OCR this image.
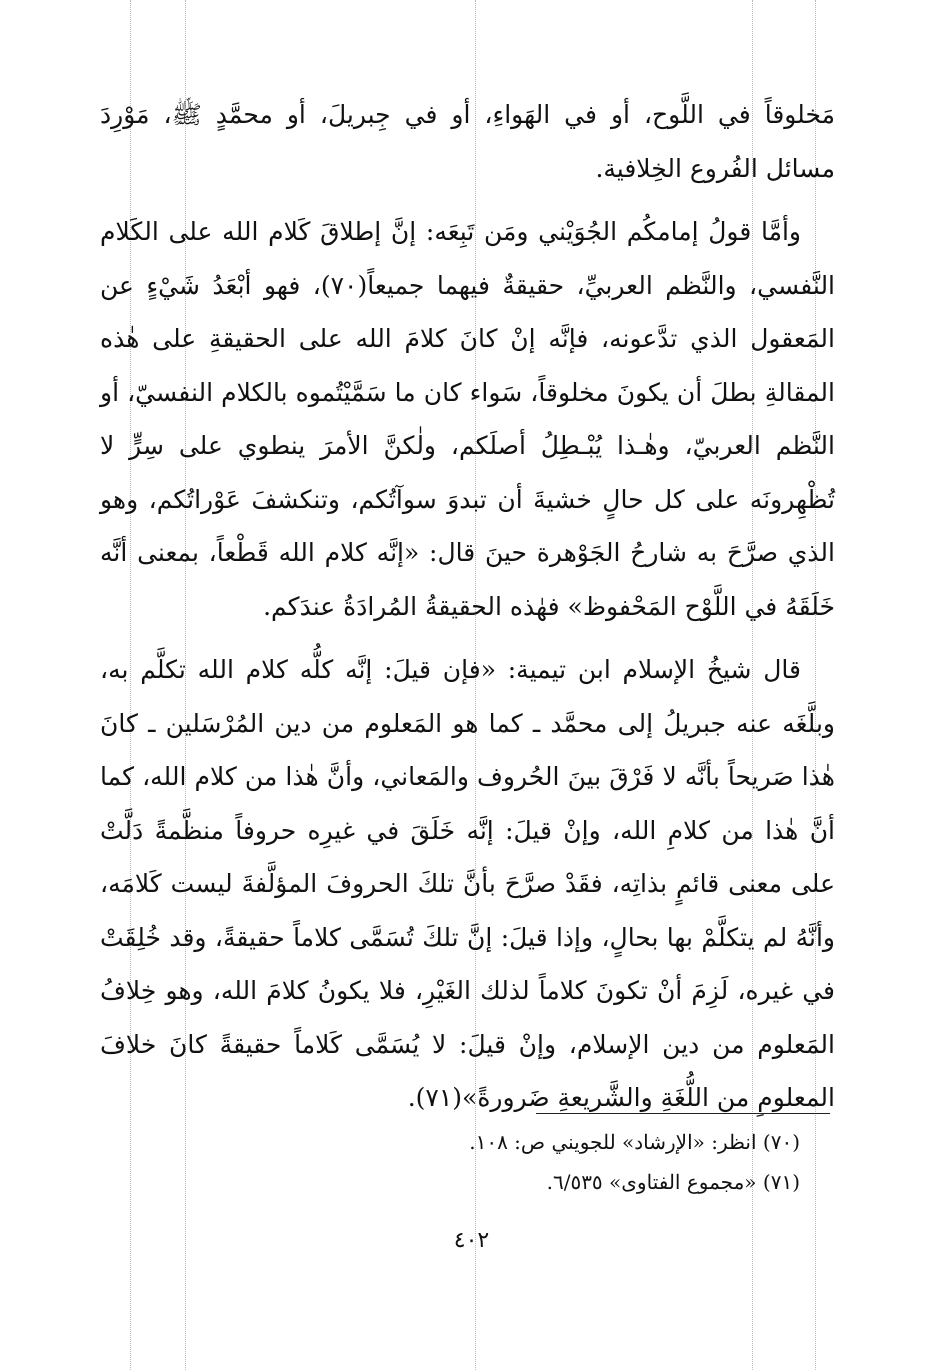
مَخلوقاً في اللَّوح، أو في الهَواءِ، أو في جِبريلَ، أو محمَّدٍ ﷺ، مَوْرِدَ مسائل الفُروع الخِلافية.

وأمَّا قولُ إمامكُم الجُوَيْني ومَن تَبِعَه: إنَّ إطلاقَ كَلام الله على الكَلام النَّفسي، والنَّظم العربيِّ، حقيقةٌ فيهما جميعاً(٧٠)، فهو أبْعَدُ شَيْءٍ عن المَعقول الذي تدَّعونه، فإنَّه إنْ كانَ كلامَ الله على الحقيقةِ على هٰذه المقالةِ بطلَ أن يكونَ مخلوقاً، سَواء كان ما سَمَّيْتُموه بالكلام النفسيّ، أو النَّظم العربيّ، وهٰـذا يُبْـطِلُ أصلَكم، ولٰكنَّ الأمرَ ينطوي على سِرٍّ لا تُظْهِرونَه على كل حالٍ خشيةَ أن تبدوَ سوآتُكم، وتنكشفَ عَوْراتُكم، وهو الذي صرَّحَ به شارحُ الجَوْهرة حينَ قال: «إنَّه كلام الله قَطْعاً، بمعنى أنَّه خَلَقَهُ في اللَّوْح المَحْفوظ» فهٰذه الحقيقةُ المُرادَةُ عندَكم.

قال شيخُ الإسلام ابن تيمية: «فإن قيلَ: إنَّه كلُّه كلام الله تكلَّم به، وبلَّغَه عنه جبريلُ إلى محمَّد ـ كما هو المَعلوم من دين المُرْسَلين ـ كانَ هٰذا صَريحاً بأنَّه لا فَرْقَ بينَ الحُروف والمَعاني، وأنَّ هٰذا من كلام الله، كما أنَّ هٰذا من كلامِ الله، وإنْ قيلَ: إنَّه خَلَقَ في غيرِه حروفاً منظَّمةً دَلَّتْ على معنى قائمٍ بذاتِه، فقَدْ صرَّحَ بأنَّ تلكَ الحروفَ المؤلَّفةَ ليست كَلامَه، وأنَّهُ لم يتكلَّمْ بها بحالٍ، وإذا قيلَ: إنَّ تلكَ تُسَمَّى كلاماً حقيقةً، وقد خُلِقَتْ في غيره، لَزِمَ أنْ تكونَ كلاماً لذلك الغَيْرِ، فلا يكونُ كلامَ الله، وهو خِلافُ المَعلوم من دين الإسلام، وإنْ قيلَ: لا يُسَمَّى كَلاماً حقيقةً كانَ خلافَ المعلومِ من اللُّغَةِ والشَّريعةِ ضَرورةً»(٧١).

(٧٠) انظر: «الإرشاد» للجويني ص: ١٠٨.

(٧١) «مجموع الفتاوى» ٦/٥٣٥.

٤٠٢
